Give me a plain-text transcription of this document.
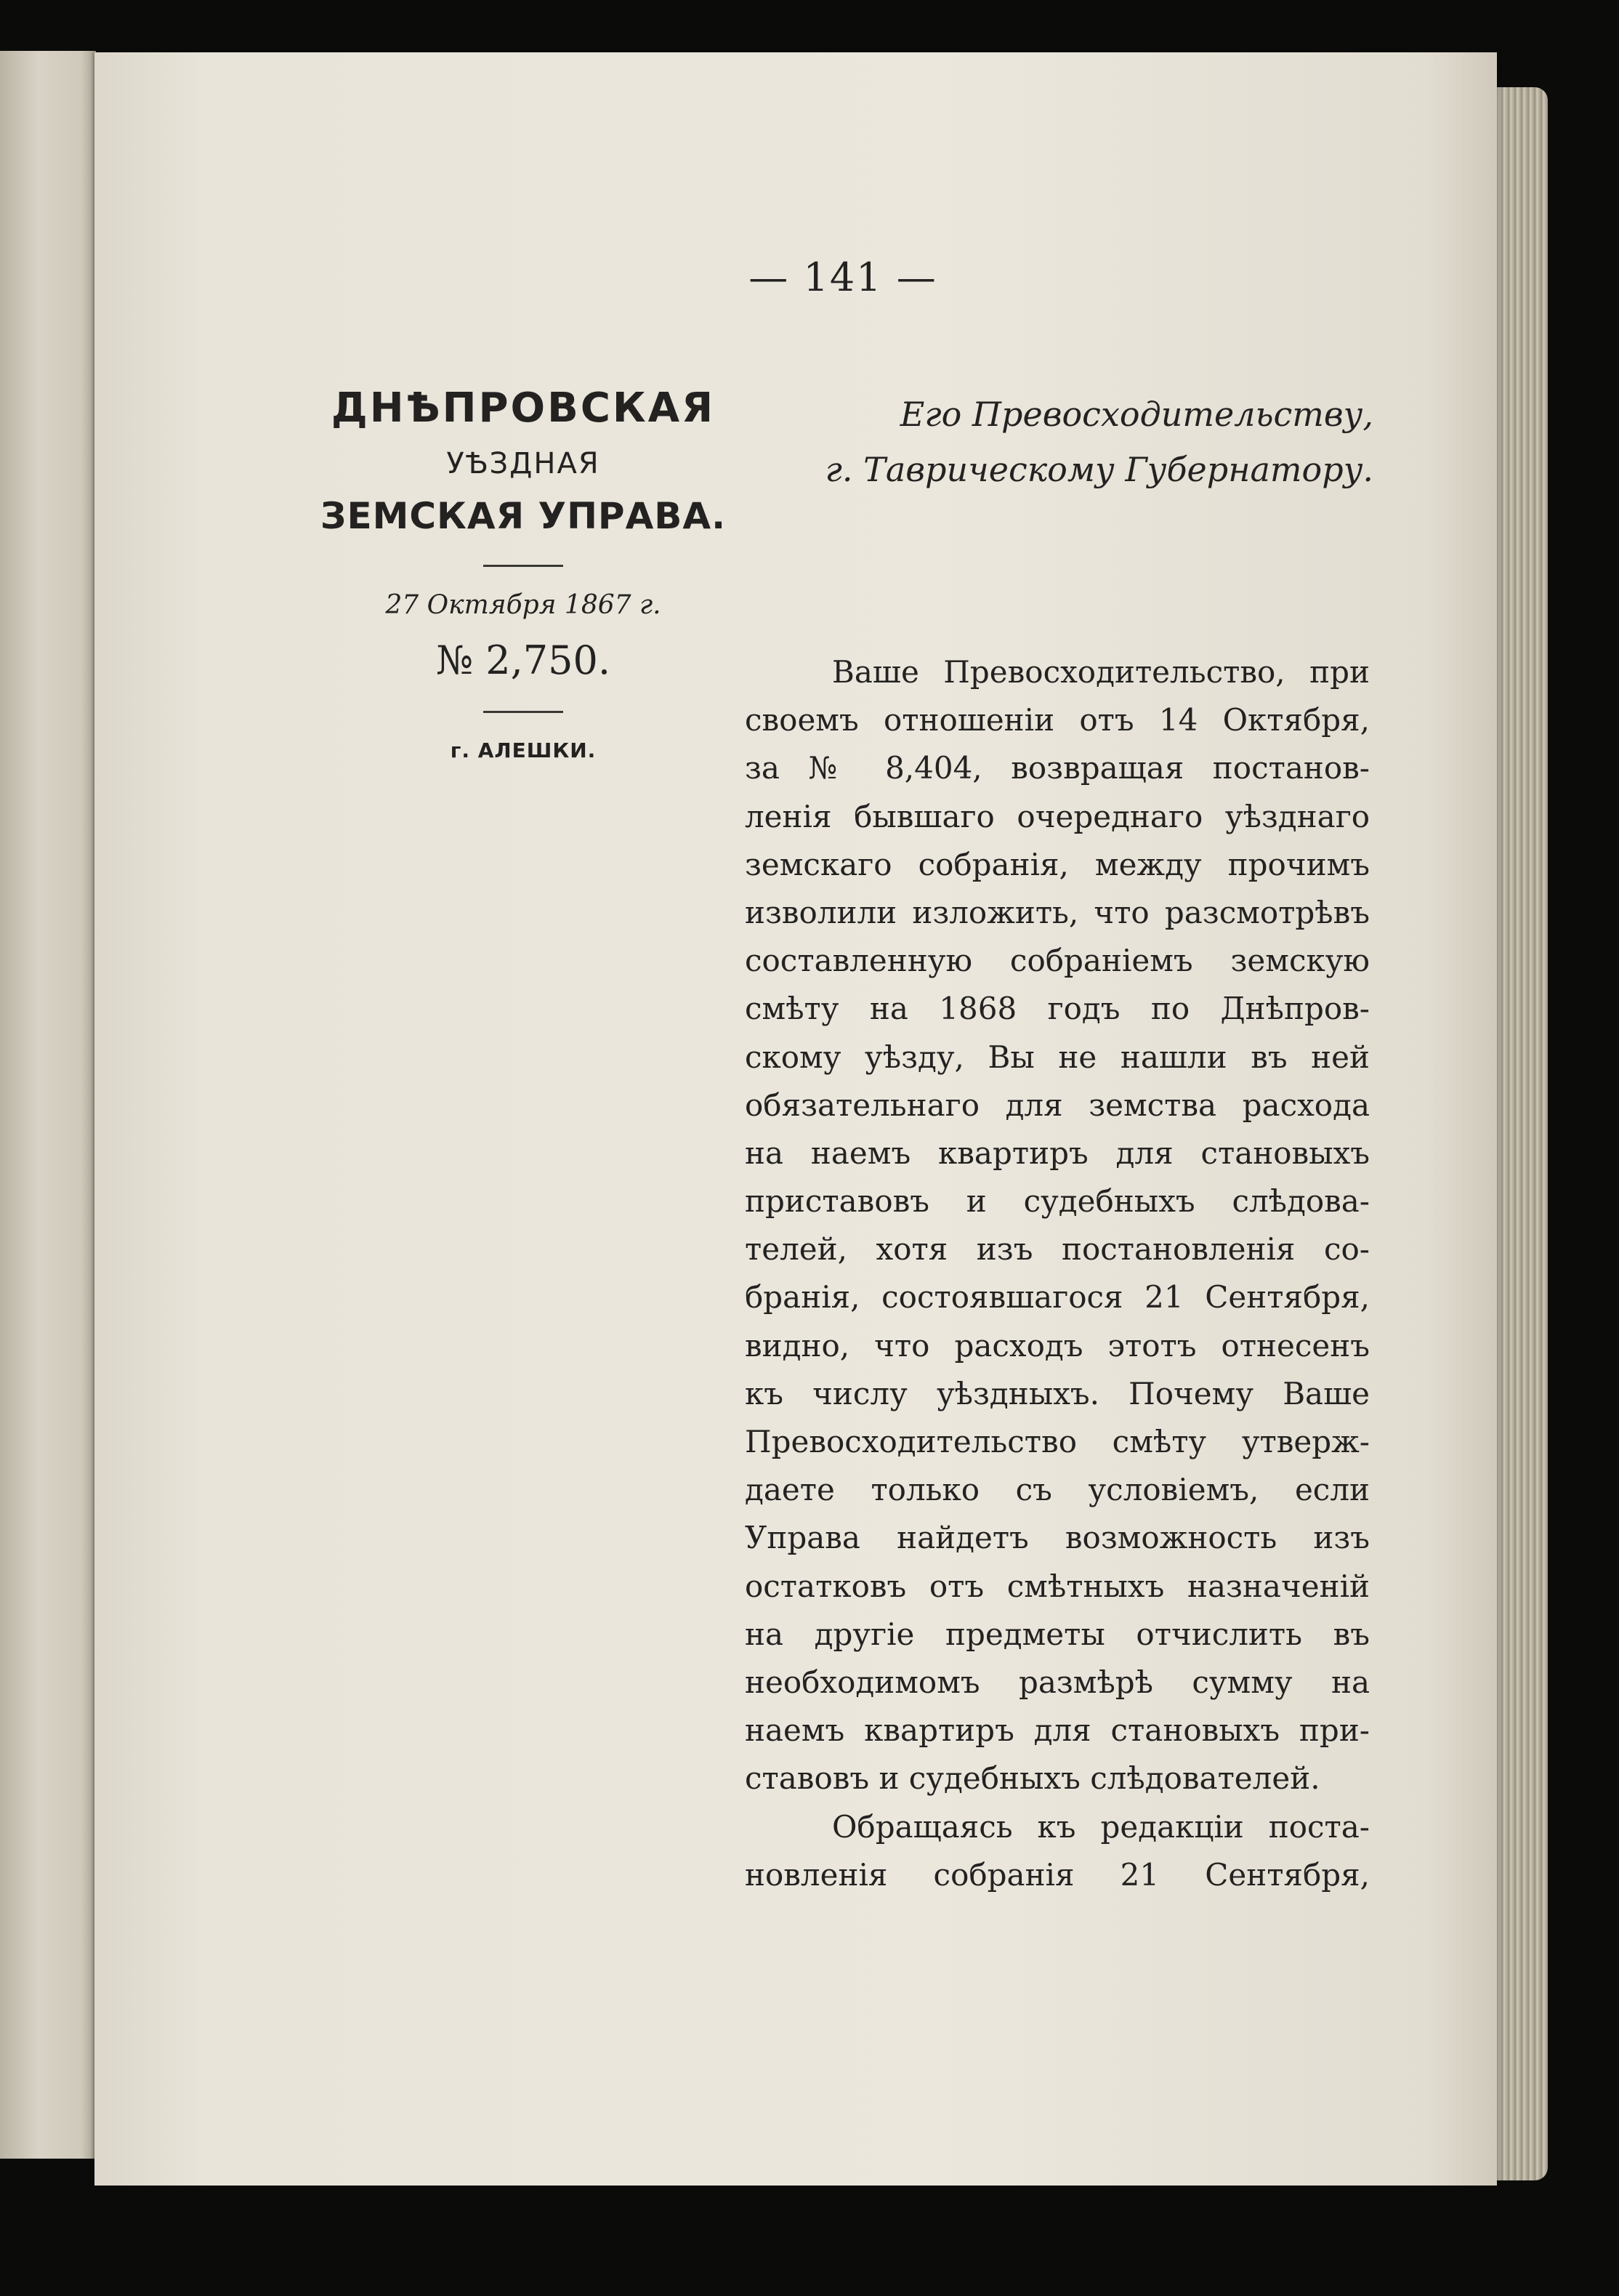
— 141 —
ДНѢПРОВСКАЯ
УѢЗДНАЯ
ЗЕМСКАЯ УПРАВА.
27 Октября 1867 г.
№ 2,750.
г. АЛЕШКИ.
Его Превосходительству,
г. Таврическому Губернатору.
Ваше Превосходительство, при
своемъ отношеніи отъ 14 Октября,
за № 8,404, возвращая постанов-
ленія бывшаго очереднаго уѣзднаго
земскаго собранія, между прочимъ
изволили изложить, что разсмотрѣвъ
составленную собраніемъ земскую
смѣту на 1868 годъ по Днѣпров-
скому уѣзду, Вы не нашли въ ней
обязательнаго для земства расхода
на наемъ квартиръ для становыхъ
приставовъ и судебныхъ слѣдова-
телей, хотя изъ постановленія со-
бранія, состоявшагося 21 Сентября,
видно, что расходъ этотъ отнесенъ
къ числу уѣздныхъ. Почему Ваше
Превосходительство смѣту утверж-
даете только съ условіемъ, если
Управа найдетъ возможность изъ
остатковъ отъ смѣтныхъ назначеній
на другіе предметы отчислить въ
необходимомъ размѣрѣ сумму на
наемъ квартиръ для становыхъ при-
ставовъ и судебныхъ слѣдователей.
Обращаясь къ редакціи поста-
новленія собранія 21 Сентября,
